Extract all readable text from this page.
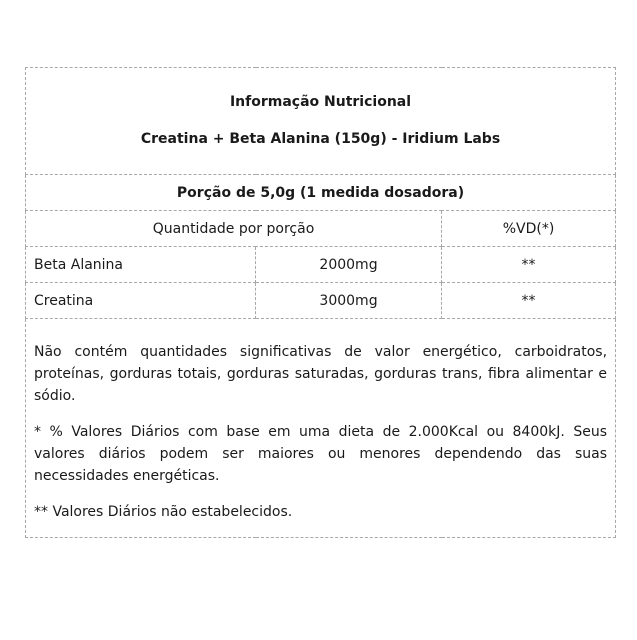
Informação Nutricional
Creatina + Beta Alanina (150g) - Iridium Labs		

Porção de 5,0g (1 medida dosadora)		
Quantidade por porção		%VD(*)
Beta Alanina	2000mg	**
Creatina	3000mg	**

Não contém quantidades significativas de valor energético, carboidratos, proteínas, gorduras totais, gorduras saturadas, gorduras trans, fibra alimentar e sódio.

* % Valores Diários com base em uma dieta de 2.000Kcal ou 8400kJ. Seus valores diários podem ser maiores ou menores dependendo das suas necessidades energéticas.

** Valores Diários não estabelecidos.		
